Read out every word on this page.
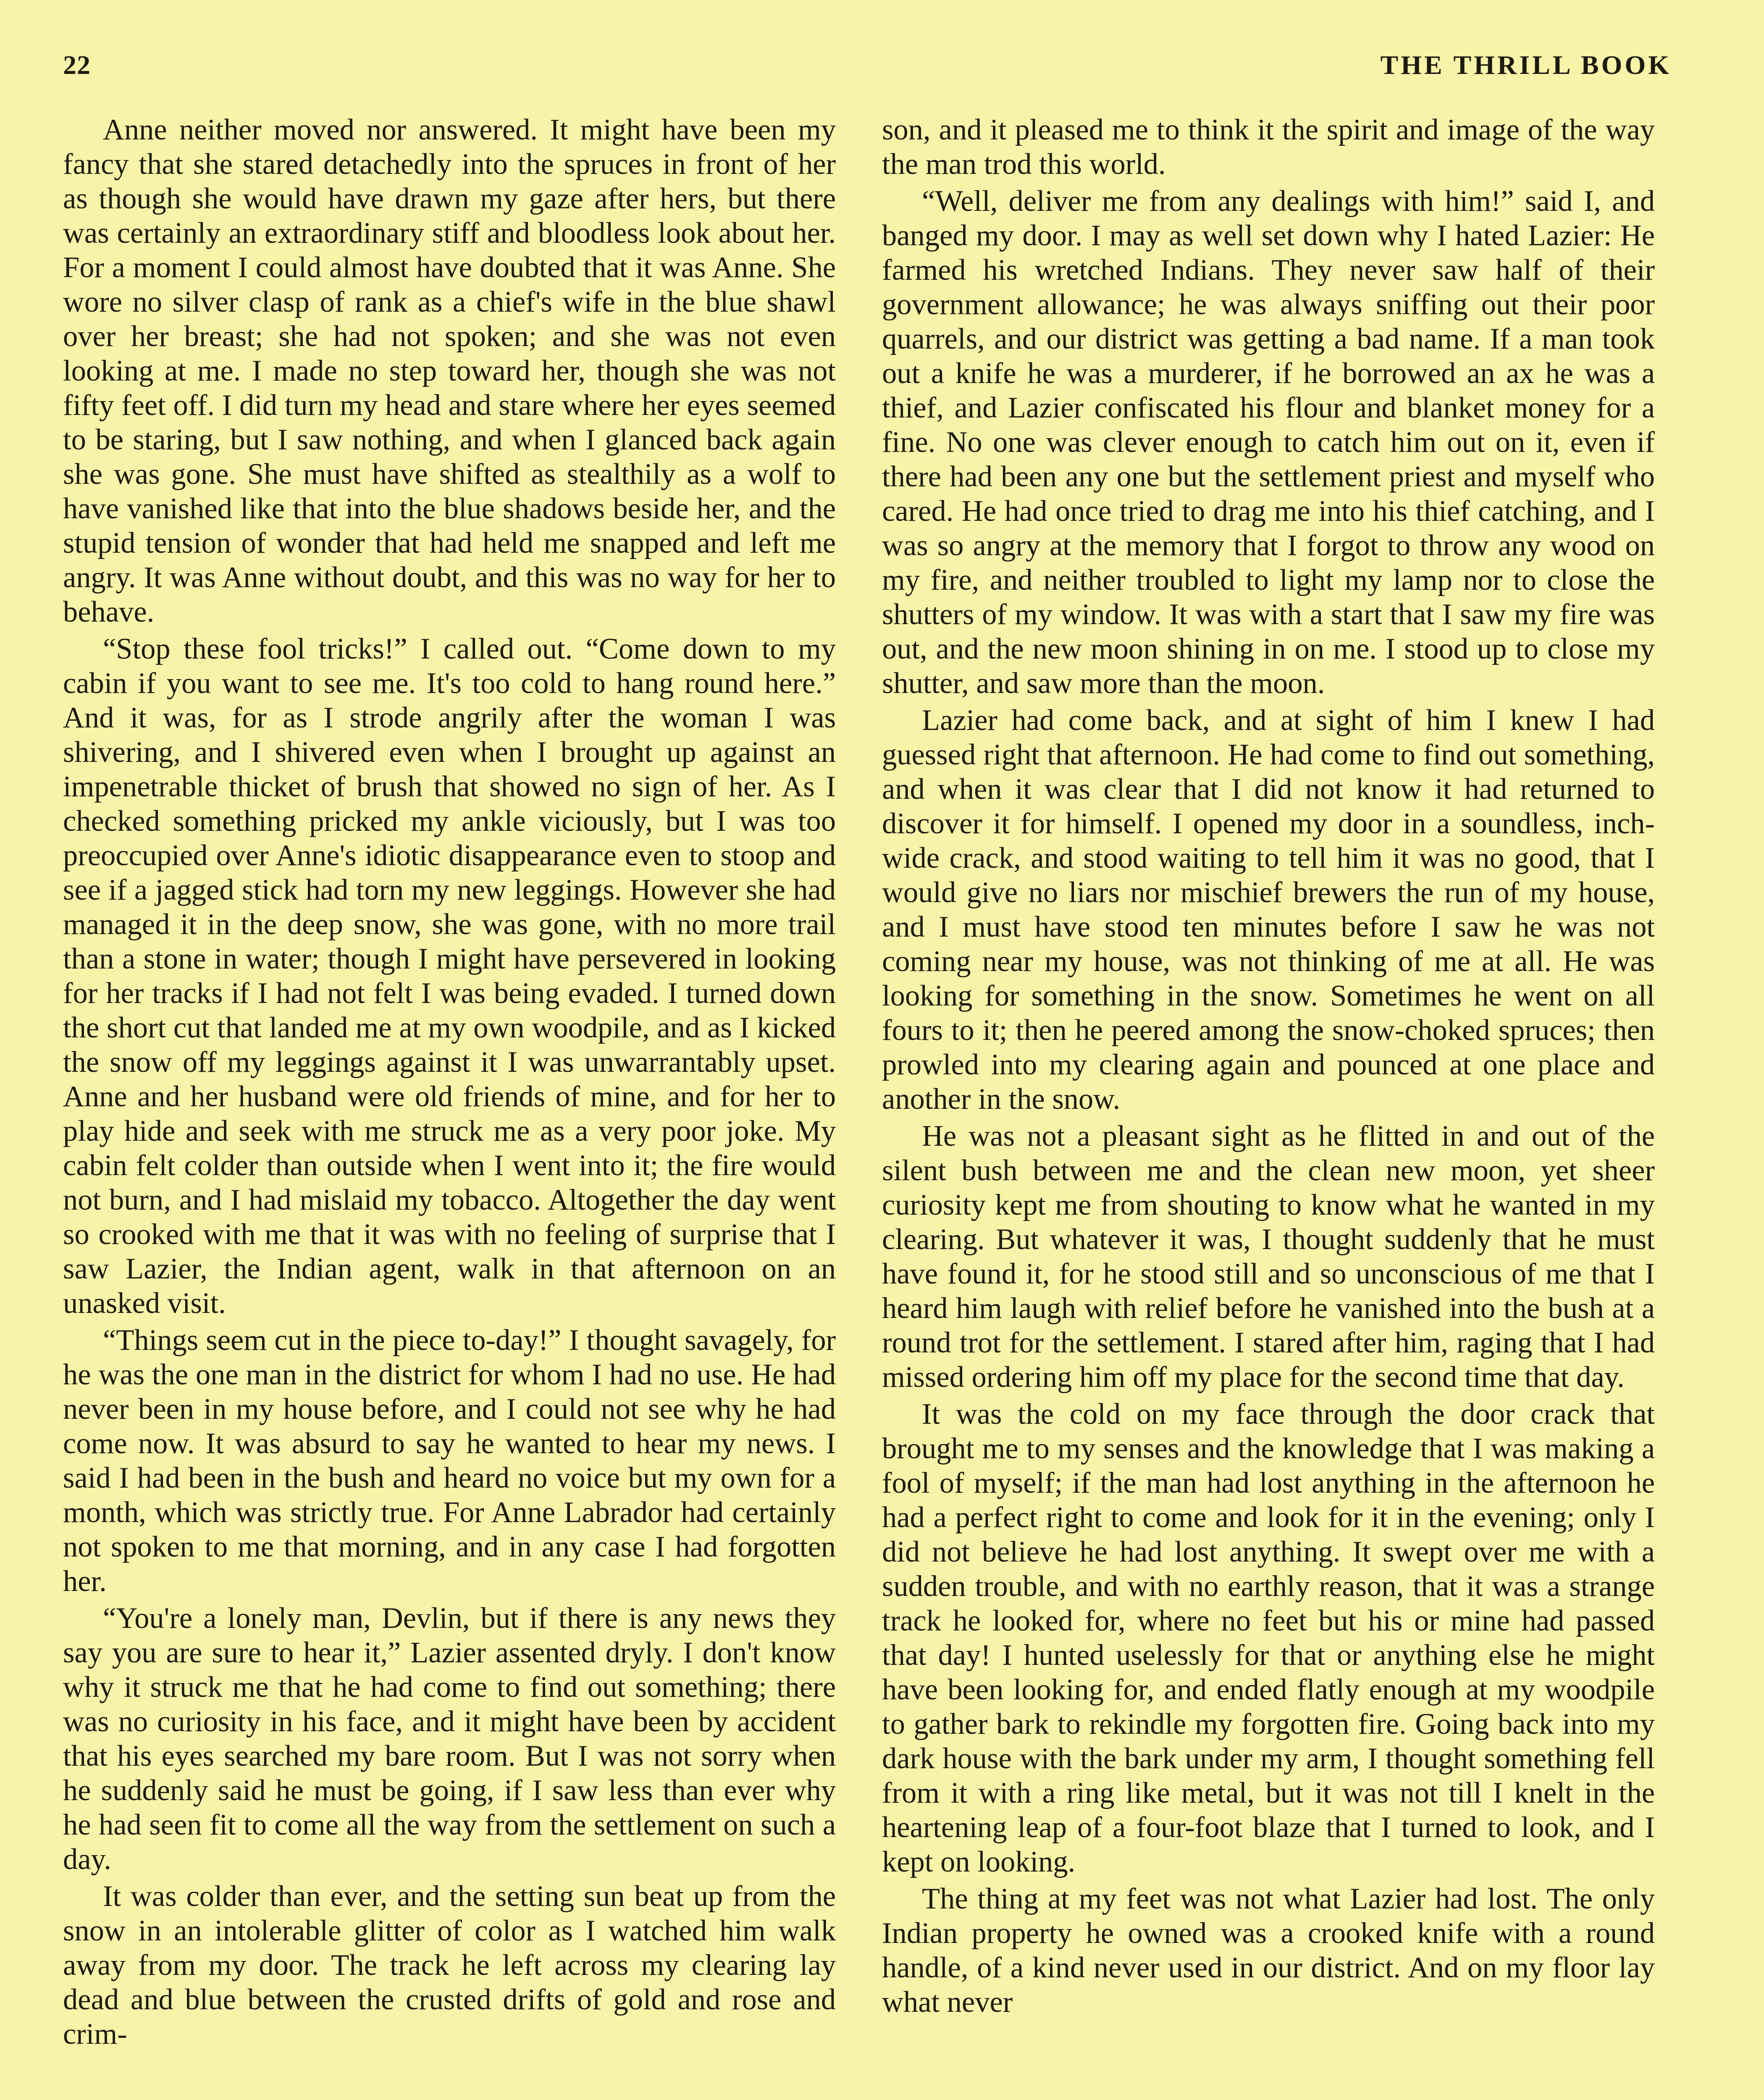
22	THE THRILL BOOK

Anne neither moved nor answered. It might have been my fancy that she stared detachedly into the spruces in front of her as though she would have drawn my gaze after hers, but there was certainly an extraordinary stiff and bloodless look about her. For a moment I could almost have doubted that it was Anne. She wore no silver clasp of rank as a chief's wife in the blue shawl over her breast; she had not spoken; and she was not even looking at me. I made no step toward her, though she was not fifty feet off. I did turn my head and stare where her eyes seemed to be staring, but I saw nothing, and when I glanced back again she was gone. She must have shifted as stealthily as a wolf to have vanished like that into the blue shadows beside her, and the stupid tension of wonder that had held me snapped and left me angry. It was Anne without doubt, and this was no way for her to behave.

“Stop these fool tricks!” I called out. “Come down to my cabin if you want to see me. It's too cold to hang round here.” And it was, for as I strode angrily after the woman I was shivering, and I shivered even when I brought up against an impenetrable thicket of brush that showed no sign of her. As I checked something pricked my ankle viciously, but I was too preoccupied over Anne's idiotic disappearance even to stoop and see if a jagged stick had torn my new leggings. However she had managed it in the deep snow, she was gone, with no more trail than a stone in water; though I might have persevered in looking for her tracks if I had not felt I was being evaded. I turned down the short cut that landed me at my own woodpile, and as I kicked the snow off my leggings against it I was unwarrantably upset. Anne and her husband were old friends of mine, and for her to play hide and seek with me struck me as a very poor joke. My cabin felt colder than outside when I went into it; the fire would not burn, and I had mislaid my tobacco. Altogether the day went so crooked with me that it was with no feeling of surprise that I saw Lazier, the Indian agent, walk in that afternoon on an unasked visit.

“Things seem cut in the piece to-day!” I thought savagely, for he was the one man in the district for whom I had no use. He had never been in my house before, and I could not see why he had come now. It was absurd to say he wanted to hear my news. I said I had been in the bush and heard no voice but my own for a month, which was strictly true. For Anne Labrador had certainly not spoken to me that morning, and in any case I had forgotten her.

“You're a lonely man, Devlin, but if there is any news they say you are sure to hear it,” Lazier assented dryly. I don't know why it struck me that he had come to find out something; there was no curiosity in his face, and it might have been by accident that his eyes searched my bare room. But I was not sorry when he suddenly said he must be going, if I saw less than ever why he had seen fit to come all the way from the settlement on such a day.

It was colder than ever, and the setting sun beat up from the snow in an intolerable glitter of color as I watched him walk away from my door. The track he left across my clearing lay dead and blue between the crusted drifts of gold and rose and crim-

son, and it pleased me to think it the spirit and image of the way the man trod this world.

“Well, deliver me from any dealings with him!” said I, and banged my door. I may as well set down why I hated Lazier: He farmed his wretched Indians. They never saw half of their government allowance; he was always sniffing out their poor quarrels, and our district was getting a bad name. If a man took out a knife he was a murderer, if he borrowed an ax he was a thief, and Lazier confiscated his flour and blanket money for a fine. No one was clever enough to catch him out on it, even if there had been any one but the settlement priest and myself who cared. He had once tried to drag me into his thief catching, and I was so angry at the memory that I forgot to throw any wood on my fire, and neither troubled to light my lamp nor to close the shutters of my window. It was with a start that I saw my fire was out, and the new moon shining in on me. I stood up to close my shutter, and saw more than the moon.

Lazier had come back, and at sight of him I knew I had guessed right that afternoon. He had come to find out something, and when it was clear that I did not know it had returned to discover it for himself. I opened my door in a soundless, inch-wide crack, and stood waiting to tell him it was no good, that I would give no liars nor mischief brewers the run of my house, and I must have stood ten minutes before I saw he was not coming near my house, was not thinking of me at all. He was looking for something in the snow. Sometimes he went on all fours to it; then he peered among the snow-choked spruces; then prowled into my clearing again and pounced at one place and another in the snow.

He was not a pleasant sight as he flitted in and out of the silent bush between me and the clean new moon, yet sheer curiosity kept me from shouting to know what he wanted in my clearing. But whatever it was, I thought suddenly that he must have found it, for he stood still and so unconscious of me that I heard him laugh with relief before he vanished into the bush at a round trot for the settlement. I stared after him, raging that I had missed ordering him off my place for the second time that day.

It was the cold on my face through the door crack that brought me to my senses and the knowledge that I was making a fool of myself; if the man had lost anything in the afternoon he had a perfect right to come and look for it in the evening; only I did not believe he had lost anything. It swept over me with a sudden trouble, and with no earthly reason, that it was a strange track he looked for, where no feet but his or mine had passed that day! I hunted uselessly for that or anything else he might have been looking for, and ended flatly enough at my woodpile to gather bark to rekindle my forgotten fire. Going back into my dark house with the bark under my arm, I thought something fell from it with a ring like metal, but it was not till I knelt in the heartening leap of a four-foot blaze that I turned to look, and I kept on looking.

The thing at my feet was not what Lazier had lost. The only Indian property he owned was a crooked knife with a round handle, of a kind never used in our district. And on my floor lay what never
